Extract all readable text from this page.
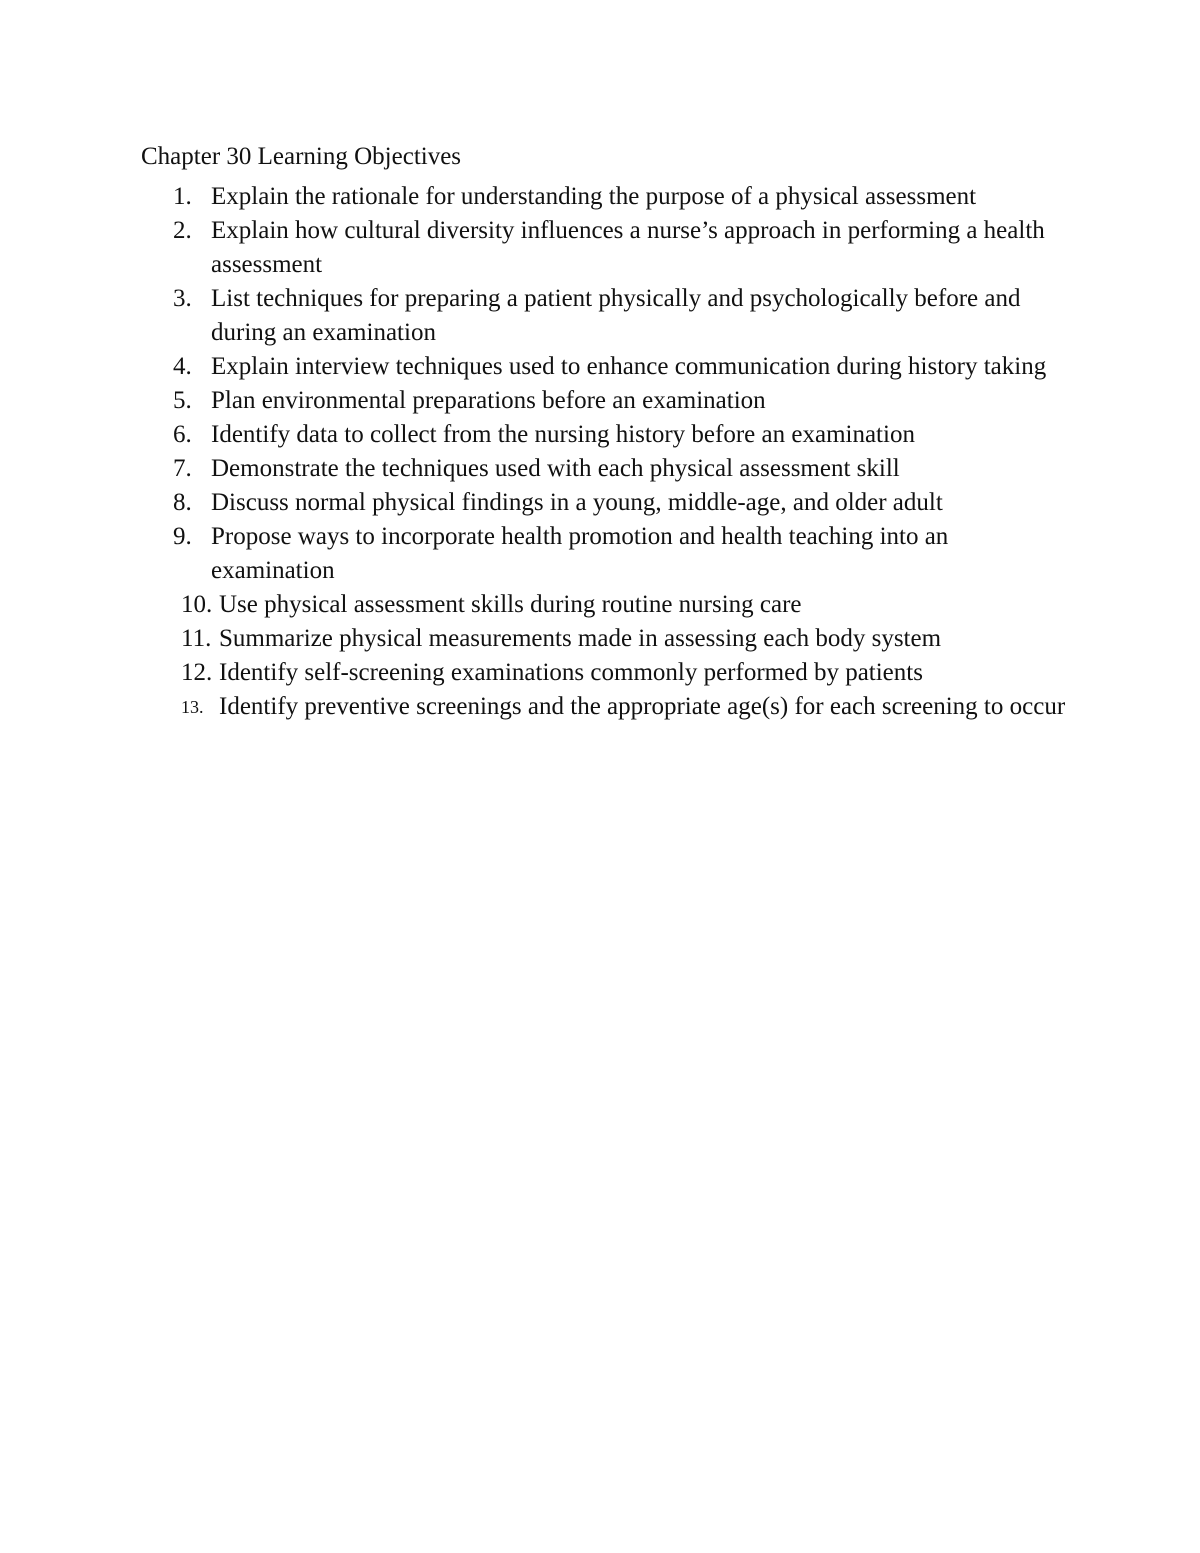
Chapter 30 Learning Objectives
1. Explain the rationale for understanding the purpose of a physical assessment
2. Explain how cultural diversity influences a nurse’s approach in performing a health assessment
3. List techniques for preparing a patient physically and psychologically before and during an examination
4. Explain interview techniques used to enhance communication during history taking
5. Plan environmental preparations before an examination
6. Identify data to collect from the nursing history before an examination
7. Demonstrate the techniques used with each physical assessment skill
8. Discuss normal physical findings in a young, middle-age, and older adult
9. Propose ways to incorporate health promotion and health teaching into an examination
10. Use physical assessment skills during routine nursing care
11. Summarize physical measurements made in assessing each body system
12. Identify self-screening examinations commonly performed by patients
13. Identify preventive screenings and the appropriate age(s) for each screening to occur
